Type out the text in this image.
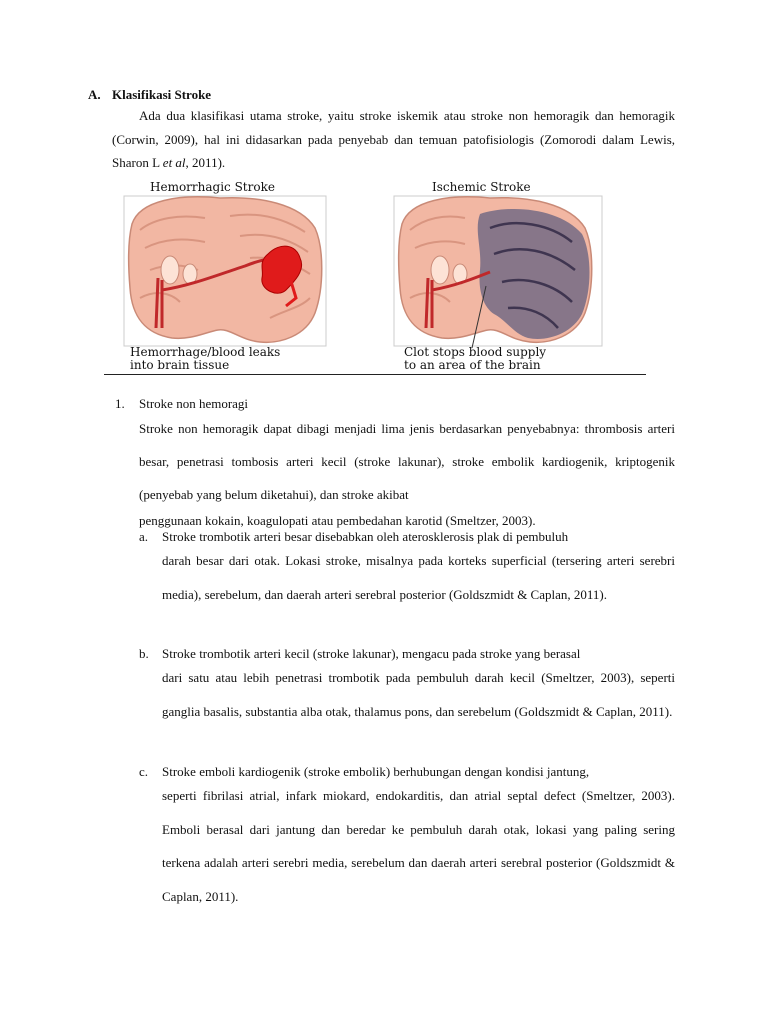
A. Klasifikasi Stroke
Ada dua klasifikasi utama stroke, yaitu stroke iskemik atau stroke non hemoragik dan hemoragik (Corwin, 2009), hal ini didasarkan pada penyebab dan temuan patofisiologis (Zomorodi dalam Lewis, Sharon L et al, 2011).
Hemorrhagic Stroke
Hemorrhage/blood leaks
into brain tissue
Ischemic Stroke
Clot stops blood supply
to an area of the brain
1. Stroke non hemoragi
Stroke non hemoragik dapat dibagi menjadi lima jenis berdasarkan penyebabnya: thrombosis arteri besar, penetrasi tombosis arteri kecil (stroke lakunar), stroke embolik kardiogenik, kriptogenik (penyebab yang belum diketahui), dan stroke akibat
penggunaan kokain, koagulopati atau pembedahan karotid (Smeltzer, 2003).
a.	Stroke trombotik arteri besar disebabkan oleh aterosklerosis plak di pembuluh
darah besar dari otak. Lokasi stroke, misalnya pada korteks superficial (tersering arteri serebri media), serebelum, dan daerah arteri serebral posterior (Goldszmidt & Caplan, 2011).
b.	Stroke trombotik arteri kecil (stroke lakunar), mengacu pada stroke yang berasal
dari satu atau lebih penetrasi trombotik pada pembuluh darah kecil (Smeltzer, 2003), seperti ganglia basalis, substantia alba otak, thalamus pons, dan serebelum (Goldszmidt & Caplan, 2011).
c.	Stroke emboli kardiogenik (stroke embolik) berhubungan dengan kondisi jantung,
seperti fibrilasi atrial, infark miokard, endokarditis, dan atrial septal defect (Smeltzer, 2003). Emboli berasal dari jantung dan beredar ke pembuluh darah otak, lokasi yang paling sering terkena adalah arteri serebri media, serebelum dan daerah arteri serebral posterior (Goldszmidt & Caplan, 2011).
